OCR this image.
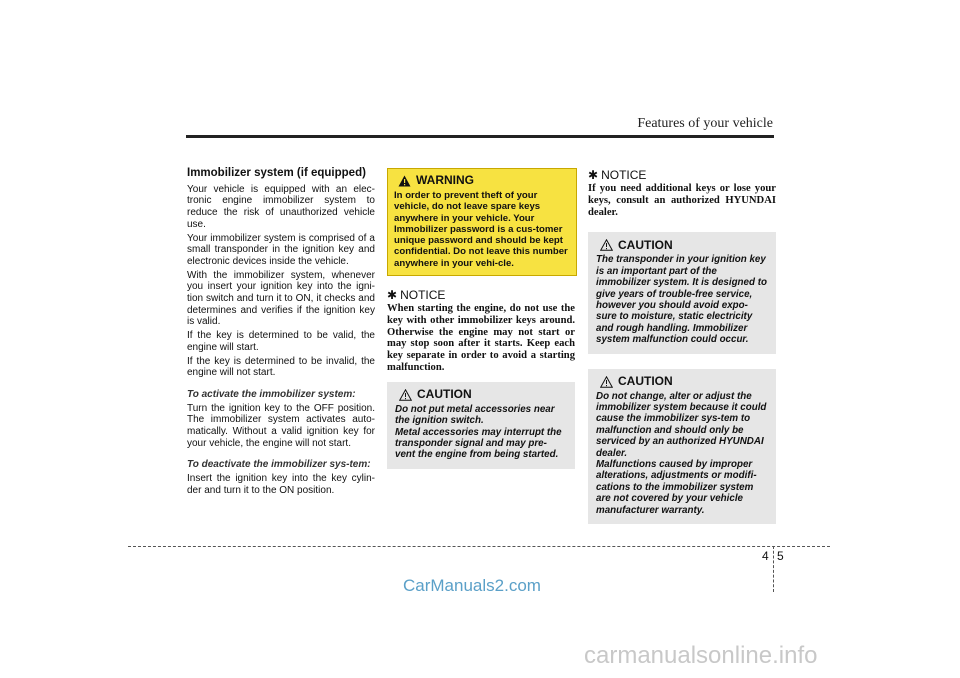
Features of your vehicle
Immobilizer system (if equipped)

Your vehicle is equipped with an elec-tronic engine immobilizer system to reduce the risk of unauthorized vehicle use.

Your immobilizer system is comprised of a small transponder in the ignition key and electronic devices inside the vehicle.

With the immobilizer system, whenever you insert your ignition key into the igni-tion switch and turn it to ON, it checks and determines and verifies if the ignition key is valid.

If the key is determined to be valid, the engine will start.

If the key is determined to be invalid, the engine will not start.

To activate the immobilizer system:

Turn the ignition key to the OFF position. The immobilizer system activates auto-matically. Without a valid ignition key for your vehicle, the engine will not start.

To deactivate the immobilizer sys-tem:

Insert the ignition key into the key cylin-der and turn it to the ON position.

WARNING
In order to prevent theft of your vehicle, do not leave spare keys anywhere in your vehicle. Your Immobilizer password is a cus-tomer unique password and should be kept confidential. Do not leave this number anywhere in your vehi-cle.
✱ NOTICE
When starting the engine, do not use the key with other immobilizer keys around. Otherwise the engine may not start or may stop soon after it starts. Keep each key separate in order to avoid a starting malfunction.
CAUTION

Do not put metal accessories near the ignition switch.

Metal accessories may interrupt the transponder signal and may pre-vent the engine from being started.

✱ NOTICE
If you need additional keys or lose your keys, consult an authorized HYUNDAI dealer.
CAUTION

The transponder in your ignition key is an important part of the immobilizer system. It is designed to give years of trouble-free service, however you should avoid expo-sure to moisture, static electricity and rough handling. Immobilizer system malfunction could occur.

CAUTION

Do not change, alter or adjust the immobilizer system because it could cause the immobilizer sys-tem to malfunction and should only be serviced by an authorized HYUNDAI dealer.

Malfunctions caused by improper alterations, adjustments or modifi-cations to the immobilizer system are not covered by your vehicle manufacturer warranty.

4 5
CarManuals2.com
carmanualsonline.info
